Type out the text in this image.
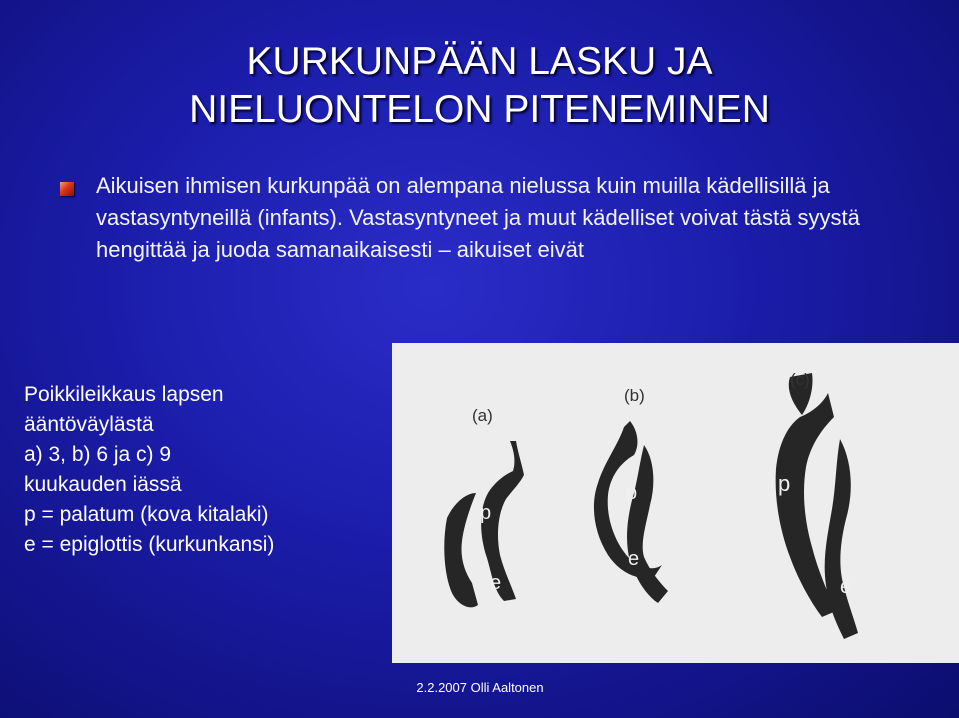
KURKUNPÄÄN LASKU JA
NIELUONTELON PITENEMINEN
Aikuisen ihmisen kurkunpää on alempana nielussa kuin muilla kädellisillä ja vastasyntyneillä (infants). Vastasyntyneet ja muut kädelliset voivat tästä syystä hengittää ja juoda samanaikaisesti – aikuiset eivät
Poikkileikkaus lapsen
ääntöväylästä
a) 3, b) 6 ja c) 9
kuukauden iässä
p = palatum (kova kitalaki)
e = epiglottis (kurkunkansi)
(a)
p
e
(b)
p
e
(c)
p
e
2.2.2007 Olli Aaltonen
